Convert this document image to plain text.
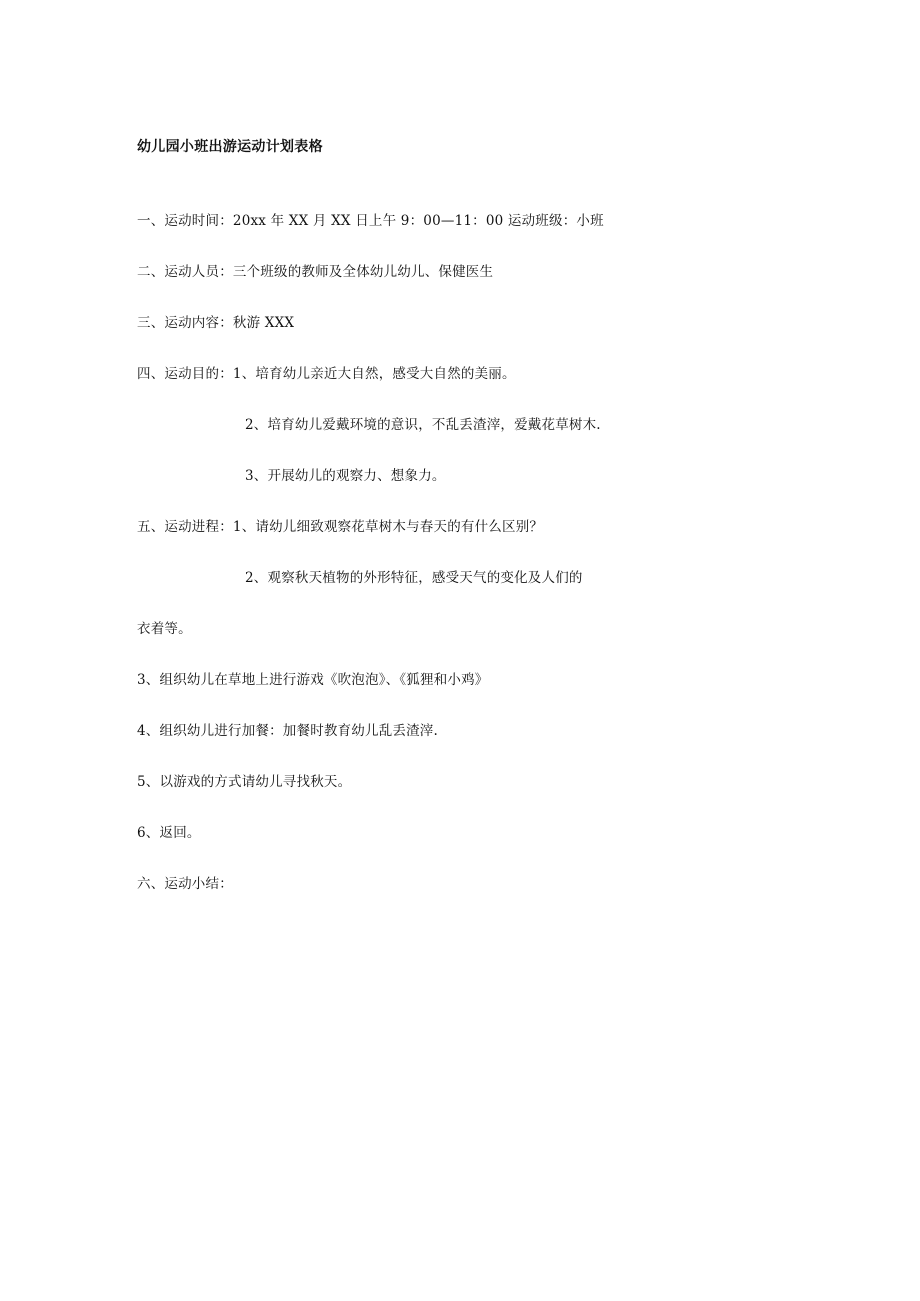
幼儿园小班出游运动计划表格
一、运动时间：20xx 年 XX 月 XX 日上午 9：00—11：00 运动班级：小班
二、运动人员：三个班级的教师及全体幼儿幼儿、保健医生
三、运动内容：秋游 XXX
四、运动目的：1、培育幼儿亲近大自然，感受大自然的美丽。
2、培育幼儿爱戴环境的意识，不乱丢渣滓，爱戴花草树木.
3、开展幼儿的观察力、想象力。
五、运动进程：1、请幼儿细致观察花草树木与春天的有什么区别？
2、观察秋天植物的外形特征，感受天气的变化及人们的
衣着等。
3、组织幼儿在草地上进行游戏《吹泡泡》、《狐狸和小鸡》
4、组织幼儿进行加餐：加餐时教育幼儿乱丢渣滓.
5、以游戏的方式请幼儿寻找秋天。
6、返回。
六、运动小结：
